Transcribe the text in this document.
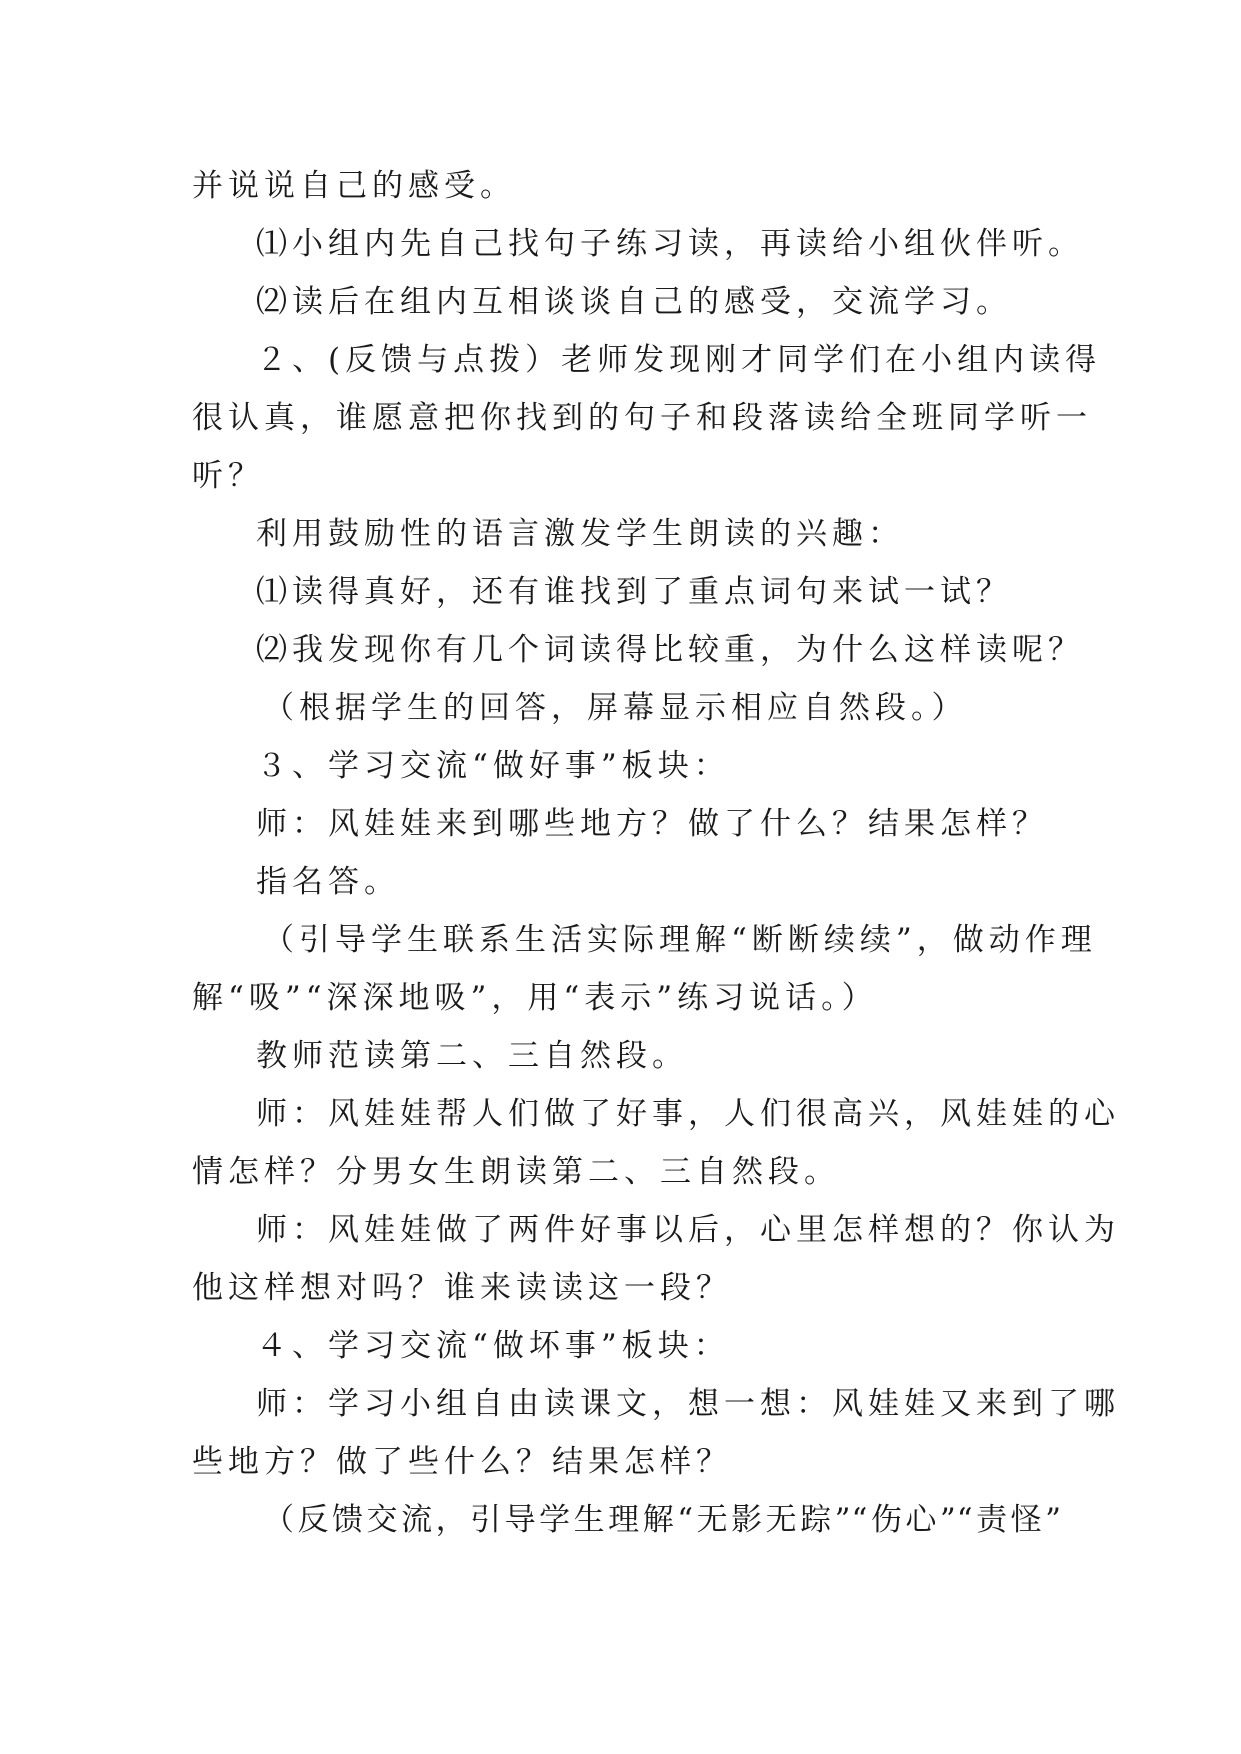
并说说自己的感受。
⑴小组内先自己找句子练习读，再读给小组伙伴听。
⑵读后在组内互相谈谈自己的感受，交流学习。
２、(反馈与点拨）老师发现刚才同学们在小组内读得
很认真，谁愿意把你找到的句子和段落读给全班同学听一
听？
利用鼓励性的语言激发学生朗读的兴趣：
⑴读得真好，还有谁找到了重点词句来试一试？
⑵我发现你有几个词读得比较重，为什么这样读呢？
（根据学生的回答，屏幕显示相应自然段。）
３、学习交流“做好事”板块：
师：风娃娃来到哪些地方？做了什么？结果怎样？
指名答。
（引导学生联系生活实际理解“断断续续”，做动作理
解“吸”“深深地吸”，用“表示”练习说话。）
教师范读第二、三自然段。
师：风娃娃帮人们做了好事，人们很高兴，风娃娃的心
情怎样？分男女生朗读第二、三自然段。
师：风娃娃做了两件好事以后，心里怎样想的？你认为
他这样想对吗？谁来读读这一段？
４、学习交流“做坏事”板块：
师：学习小组自由读课文，想一想：风娃娃又来到了哪
些地方？做了些什么？结果怎样？
（反馈交流，引导学生理解“无影无踪”“伤心”“责怪”
